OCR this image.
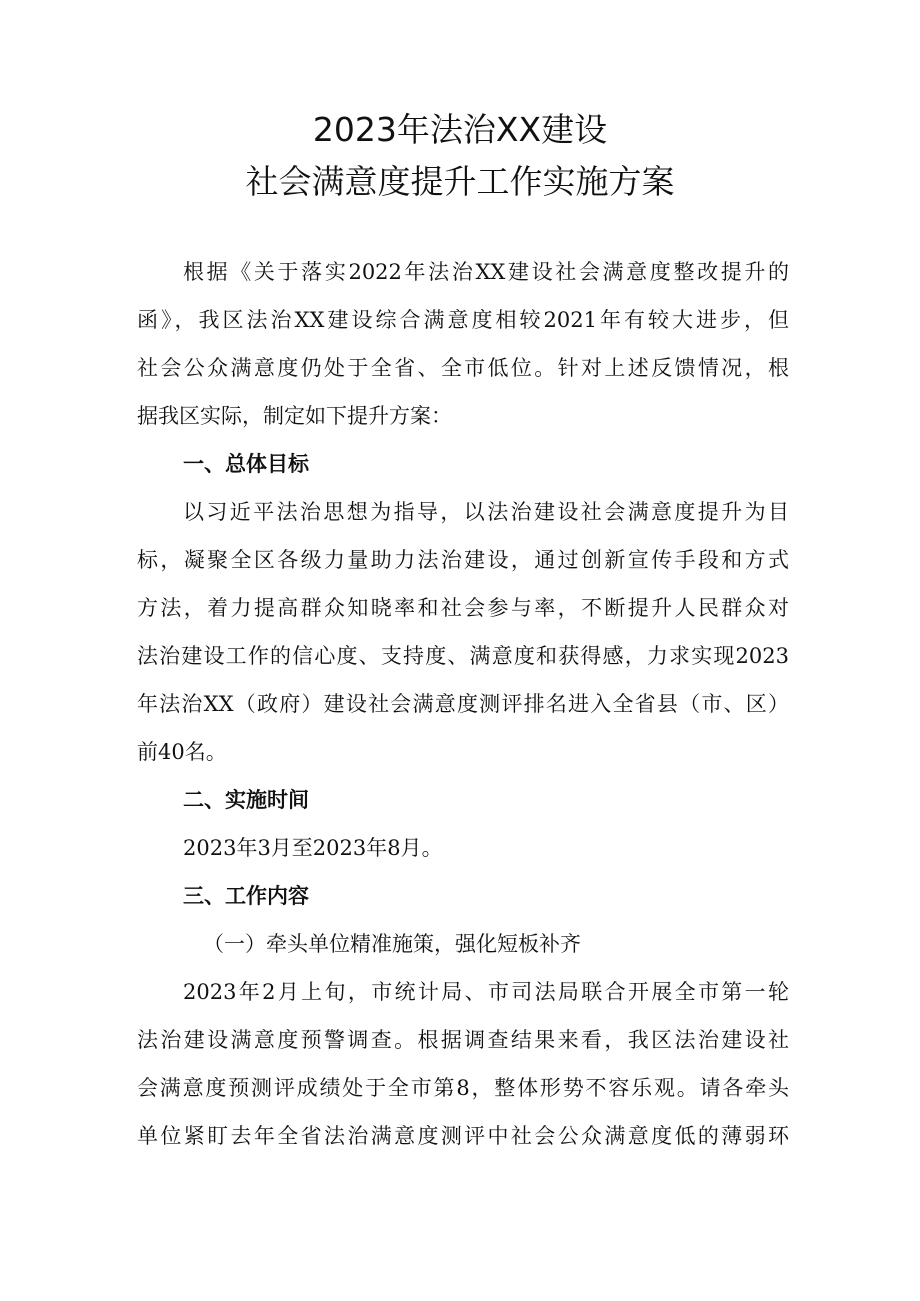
2023年法治XX建设
社会满意度提升工作实施方案
根据《关于落实2022年法治XX建设社会满意度整改提升的
函》，我区法治XX建设综合满意度相较2021年有较大进步，但
社会公众满意度仍处于全省、全市低位。针对上述反馈情况，根
据我区实际，制定如下提升方案：
一、总体目标
以习近平法治思想为指导，以法治建设社会满意度提升为目
标，凝聚全区各级力量助力法治建设，通过创新宣传手段和方式
方法，着力提高群众知晓率和社会参与率，不断提升人民群众对
法治建设工作的信心度、支持度、满意度和获得感，力求实现2023
年法治XX（政府）建设社会满意度测评排名进入全省县（市、区）
前40名。
二、实施时间
2023年3月至2023年8月。
三、工作内容
（一）牵头单位精准施策，强化短板补齐
2023年2月上旬，市统计局、市司法局联合开展全市第一轮
法治建设满意度预警调查。根据调查结果来看，我区法治建设社
会满意度预测评成绩处于全市第8，整体形势不容乐观。请各牵头
单位紧盯去年全省法治满意度测评中社会公众满意度低的薄弱环
